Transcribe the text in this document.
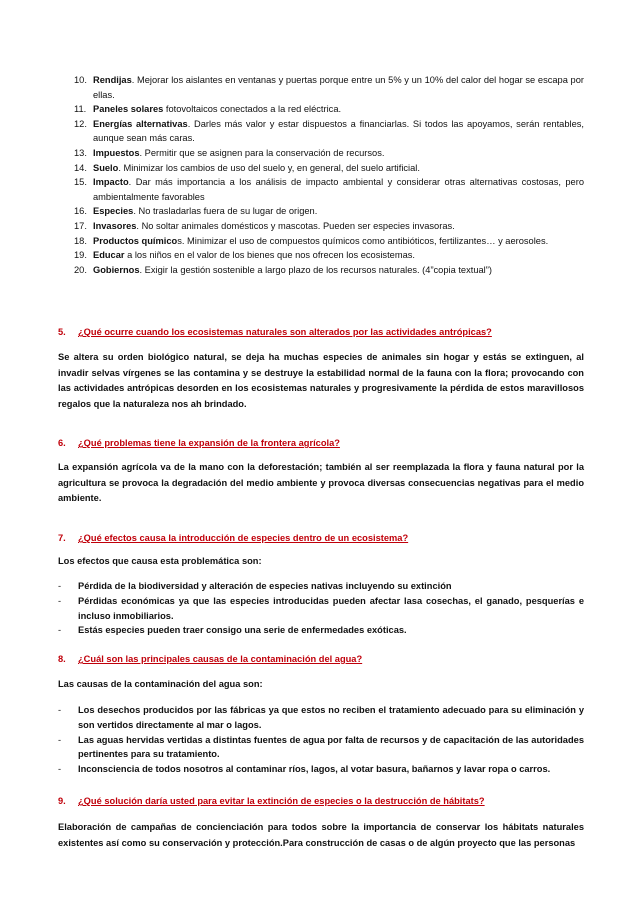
10. Rendijas. Mejorar los aislantes en ventanas y puertas porque entre un 5% y un 10% del calor del hogar se escapa por ellas.
11. Paneles solares fotovoltaicos conectados a la red eléctrica.
12. Energías alternativas. Darles más valor y estar dispuestos a financiarlas. Si todos las apoyamos, serán rentables, aunque sean más caras.
13. Impuestos. Permitir que se asignen para la conservación de recursos.
14. Suelo. Minimizar los cambios de uso del suelo y, en general, del suelo artificial.
15. Impacto. Dar más importancia a los análisis de impacto ambiental y considerar otras alternativas costosas, pero ambientalmente favorables
16. Especies. No trasladarlas fuera de su lugar de origen.
17. Invasores. No soltar animales domésticos y mascotas. Pueden ser especies invasoras.
18. Productos químicos. Minimizar el uso de compuestos químicos como antibióticos, fertilizantes… y aerosoles.
19. Educar a los niños en el valor de los bienes que nos ofrecen los ecosistemas.
20. Gobiernos. Exigir la gestión sostenible a largo plazo de los recursos naturales. (4”copia textual”)
5. ¿Qué ocurre cuando los ecosistemas naturales son alterados por las actividades antrópicas?
Se altera su orden biológico natural, se deja ha muchas especies de animales sin hogar y estás se extinguen, al invadir selvas vírgenes se las contamina y se destruye la estabilidad normal de la fauna con la flora; provocando con las actividades antrópicas desorden en los ecosistemas naturales y progresivamente la pérdida de estos maravillosos regalos que la naturaleza nos ah brindado.
6. ¿Qué problemas tiene la expansión de la frontera agrícola?
La expansión agrícola va de la mano con la deforestación; también al ser reemplazada la flora y fauna natural por la agricultura se provoca la degradación del medio ambiente y provoca diversas consecuencias negativas para el medio ambiente.
7. ¿Qué efectos causa la introducción de especies dentro de un ecosistema?
Los efectos que causa esta problemática son:
- Pérdida de la biodiversidad y alteración de especies nativas incluyendo su extinción
- Pérdidas económicas ya que las especies introducidas pueden afectar lasa cosechas, el ganado, pesquerías e incluso inmobiliarios.
- Estás especies pueden traer consigo una serie de enfermedades exóticas.
8. ¿Cuál son las principales causas de la contaminación del agua?
Las causas de la contaminación del agua son:
- Los desechos producidos por las fábricas ya que estos no reciben el tratamiento adecuado para su eliminación y son vertidos directamente al mar o lagos.
- Las aguas hervidas vertidas a distintas fuentes de agua por falta de recursos y de capacitación de las autoridades pertinentes para su tratamiento.
- Inconsciencia de todos nosotros al contaminar ríos, lagos, al votar basura, bañarnos y lavar ropa o carros.
9. ¿Qué solución daría usted para evitar la extinción de especies o la destrucción de hábitats?
Elaboración de campañas de concienciación para todos sobre la importancia de conservar los hábitats naturales existentes así como su conservación y protección.Para construcción de casas o de algún proyecto que las personas
